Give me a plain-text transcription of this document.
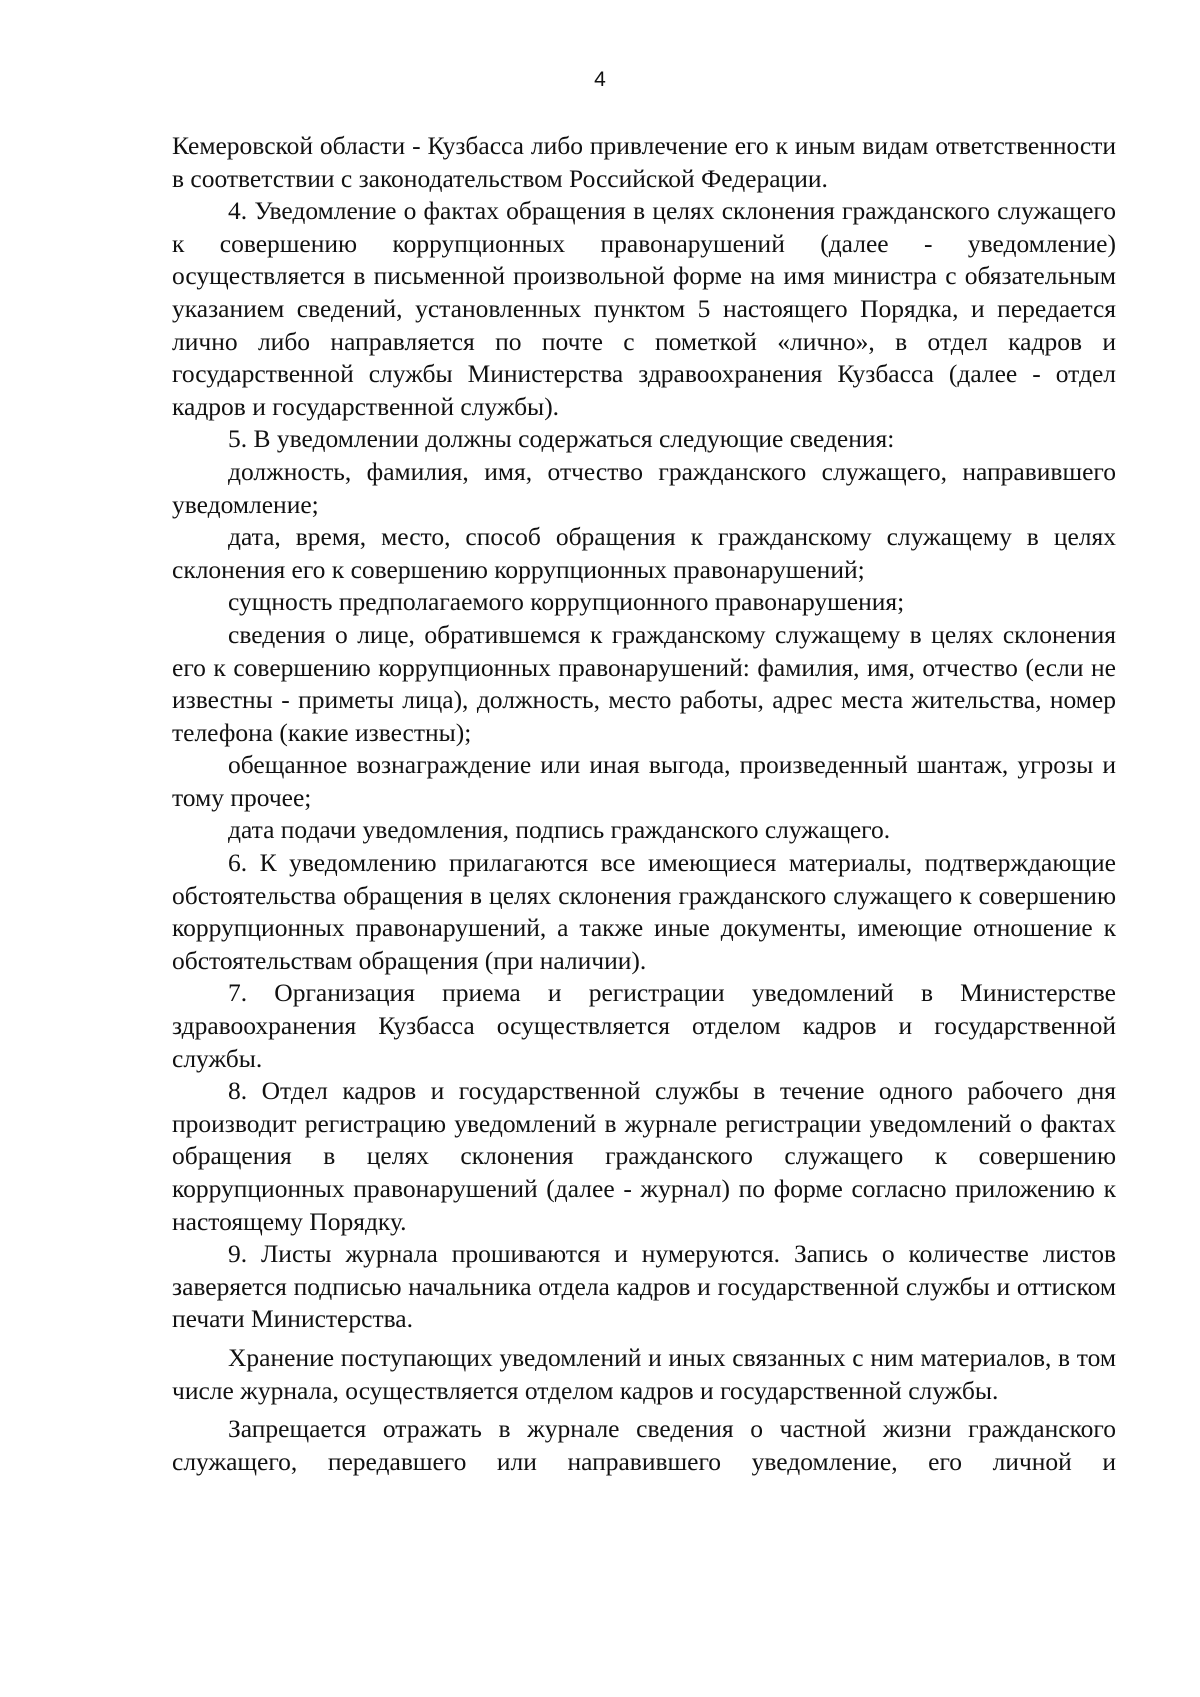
4

Кемеровской области - Кузбасса либо привлечение его к иным видам ответственности в соответствии с законодательством Российской Федерации.

4. Уведомление о фактах обращения в целях склонения гражданского служащего к совершению коррупционных правонарушений (далее - уведомление) осуществляется в письменной произвольной форме на имя министра с обязательным указанием сведений, установленных пунктом 5 настоящего Порядка, и передается лично либо направляется по почте с пометкой «лично», в отдел кадров и государственной службы Министерства здравоохранения Кузбасса (далее - отдел кадров и государственной службы).

5. В уведомлении должны содержаться следующие сведения:

должность, фамилия, имя, отчество гражданского служащего, направившего уведомление;

дата, время, место, способ обращения к гражданскому служащему в целях склонения его к совершению коррупционных правонарушений;

сущность предполагаемого коррупционного правонарушения;

сведения о лице, обратившемся к гражданскому служащему в целях склонения его к совершению коррупционных правонарушений: фамилия, имя, отчество (если не известны - приметы лица), должность, место работы, адрес места жительства, номер телефона (какие известны);

обещанное вознаграждение или иная выгода, произведенный шантаж, угрозы и тому прочее;

дата подачи уведомления, подпись гражданского служащего.

6. К уведомлению прилагаются все имеющиеся материалы, подтверждающие обстоятельства обращения в целях склонения гражданского служащего к совершению коррупционных правонарушений, а также иные документы, имеющие отношение к обстоятельствам обращения (при наличии).

7. Организация приема и регистрации уведомлений в Министерстве здравоохранения Кузбасса осуществляется отделом кадров и государственной службы.

8. Отдел кадров и государственной службы в течение одного рабочего дня производит регистрацию уведомлений в журнале регистрации уведомлений о фактах обращения в целях склонения гражданского служащего к совершению коррупционных правонарушений (далее - журнал) по форме согласно приложению к настоящему Порядку.

9. Листы журнала прошиваются и нумеруются. Запись о количестве листов заверяется подписью начальника отдела кадров и государственной службы и оттиском печати Министерства.

Хранение поступающих уведомлений и иных связанных с ним материалов, в том числе журнала, осуществляется отделом кадров и государственной службы.

Запрещается отражать в журнале сведения о частной жизни гражданского служащего, передавшего или направившего уведомление, его личной и
